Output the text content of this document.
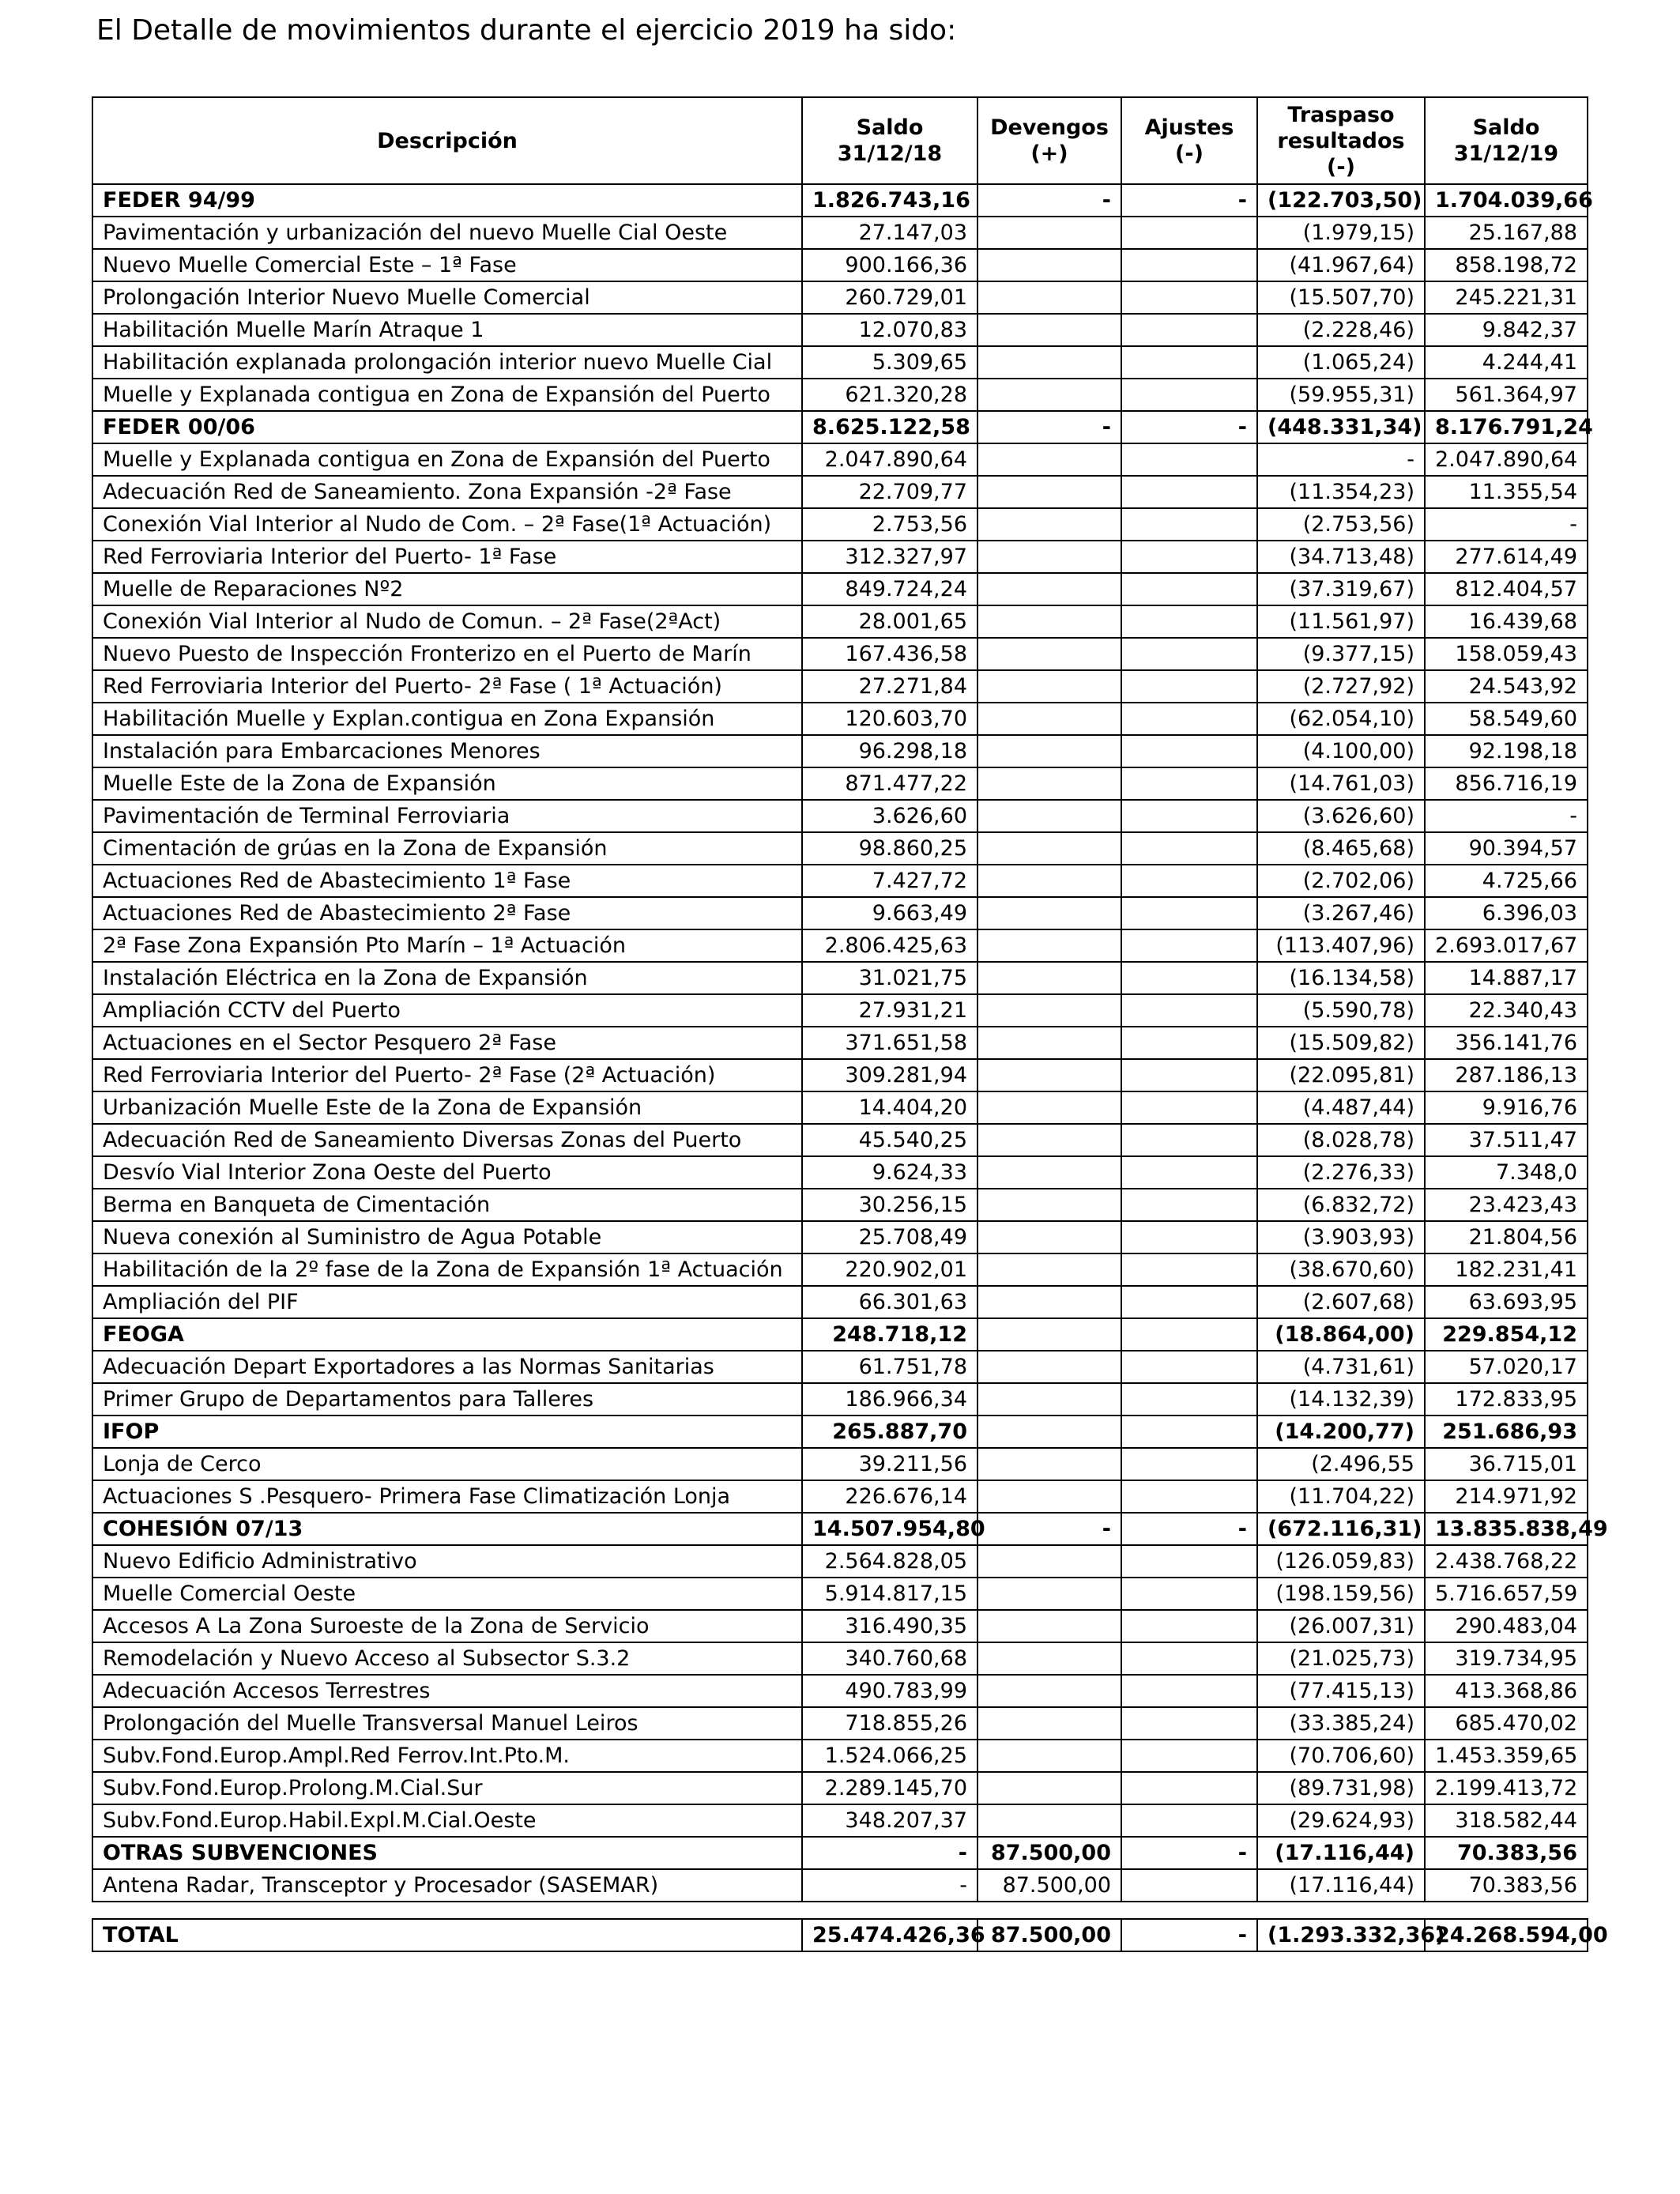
El Detalle de movimientos durante el ejercicio 2019 ha sido:
Descripción	Saldo 31/12/18	Devengos (+)	Ajustes (-)	Traspaso resultados (-)	Saldo 31/12/19
FEDER 94/99	1.826.743,16	-	-	(122.703,50)	1.704.039,66
Pavimentación y urbanización del nuevo Muelle Cial Oeste	27.147,03			(1.979,15)	25.167,88
Nuevo Muelle Comercial Este – 1ª Fase	900.166,36			(41.967,64)	858.198,72
Prolongación Interior Nuevo Muelle Comercial	260.729,01			(15.507,70)	245.221,31
Habilitación Muelle Marín Atraque 1	12.070,83			(2.228,46)	9.842,37
Habilitación explanada prolongación interior nuevo Muelle Cial	5.309,65			(1.065,24)	4.244,41
Muelle y Explanada contigua en Zona de Expansión del Puerto	621.320,28			(59.955,31)	561.364,97
FEDER 00/06	8.625.122,58	-	-	(448.331,34)	8.176.791,24
Muelle y Explanada contigua en Zona de Expansión del Puerto	2.047.890,64			-	2.047.890,64
Adecuación Red de Saneamiento. Zona Expansión -2ª Fase	22.709,77			(11.354,23)	11.355,54
Conexión Vial Interior al Nudo de Com. – 2ª Fase(1ª Actuación)	2.753,56			(2.753,56)	-
Red Ferroviaria Interior del Puerto- 1ª Fase	312.327,97			(34.713,48)	277.614,49
Muelle de Reparaciones Nº2	849.724,24			(37.319,67)	812.404,57
Conexión Vial Interior al Nudo de Comun. – 2ª Fase(2ªAct)	28.001,65			(11.561,97)	16.439,68
Nuevo Puesto de Inspección Fronterizo en el Puerto de Marín	167.436,58			(9.377,15)	158.059,43
Red Ferroviaria Interior del Puerto- 2ª Fase ( 1ª Actuación)	27.271,84			(2.727,92)	24.543,92
Habilitación Muelle y Explan.contigua en Zona Expansión	120.603,70			(62.054,10)	58.549,60
Instalación para Embarcaciones Menores	96.298,18			(4.100,00)	92.198,18
Muelle Este de la Zona de Expansión	871.477,22			(14.761,03)	856.716,19
Pavimentación de Terminal Ferroviaria	3.626,60			(3.626,60)	-
Cimentación de grúas en la Zona de Expansión	98.860,25			(8.465,68)	90.394,57
Actuaciones Red de Abastecimiento 1ª Fase	7.427,72			(2.702,06)	4.725,66
Actuaciones Red de Abastecimiento 2ª Fase	9.663,49			(3.267,46)	6.396,03
2ª Fase Zona Expansión Pto Marín – 1ª Actuación	2.806.425,63			(113.407,96)	2.693.017,67
Instalación Eléctrica en la Zona de Expansión	31.021,75			(16.134,58)	14.887,17
Ampliación CCTV del Puerto	27.931,21			(5.590,78)	22.340,43
Actuaciones en el Sector Pesquero 2ª Fase	371.651,58			(15.509,82)	356.141,76
Red Ferroviaria Interior del Puerto- 2ª Fase (2ª Actuación)	309.281,94			(22.095,81)	287.186,13
Urbanización Muelle Este de la Zona de Expansión	14.404,20			(4.487,44)	9.916,76
Adecuación Red de Saneamiento Diversas Zonas del Puerto	45.540,25			(8.028,78)	37.511,47
Desvío Vial Interior Zona Oeste del Puerto	9.624,33			(2.276,33)	7.348,0
Berma en Banqueta de Cimentación	30.256,15			(6.832,72)	23.423,43
Nueva conexión al Suministro de Agua Potable	25.708,49			(3.903,93)	21.804,56
Habilitación de la 2º fase de la Zona de Expansión 1ª Actuación	220.902,01			(38.670,60)	182.231,41
Ampliación del PIF	66.301,63			(2.607,68)	63.693,95
FEOGA	248.718,12			(18.864,00)	229.854,12
Adecuación Depart Exportadores a las Normas Sanitarias	61.751,78			(4.731,61)	57.020,17
Primer Grupo de Departamentos para Talleres	186.966,34			(14.132,39)	172.833,95
IFOP	265.887,70			(14.200,77)	251.686,93
Lonja de Cerco	39.211,56			(2.496,55	36.715,01
Actuaciones S .Pesquero- Primera Fase Climatización Lonja	226.676,14			(11.704,22)	214.971,92
COHESIÓN 07/13	14.507.954,80	-	-	(672.116,31)	13.835.838,49
Nuevo Edificio Administrativo	2.564.828,05			(126.059,83)	2.438.768,22
Muelle Comercial Oeste	5.914.817,15			(198.159,56)	5.716.657,59
Accesos A La Zona Suroeste de la Zona de Servicio	316.490,35			(26.007,31)	290.483,04
Remodelación y Nuevo Acceso al Subsector S.3.2	340.760,68			(21.025,73)	319.734,95
Adecuación Accesos Terrestres	490.783,99			(77.415,13)	413.368,86
Prolongación del Muelle Transversal Manuel Leiros	718.855,26			(33.385,24)	685.470,02
Subv.Fond.Europ.Ampl.Red Ferrov.Int.Pto.M.	1.524.066,25			(70.706,60)	1.453.359,65
Subv.Fond.Europ.Prolong.M.Cial.Sur	2.289.145,70			(89.731,98)	2.199.413,72
Subv.Fond.Europ.Habil.Expl.M.Cial.Oeste	348.207,37			(29.624,93)	318.582,44
OTRAS SUBVENCIONES	-	87.500,00	-	(17.116,44)	70.383,56
Antena Radar, Transceptor y Procesador (SASEMAR)	-	87.500,00		(17.116,44)	70.383,56
TOTAL	25.474.426,36	87.500,00	-	(1.293.332,36)	24.268.594,00
